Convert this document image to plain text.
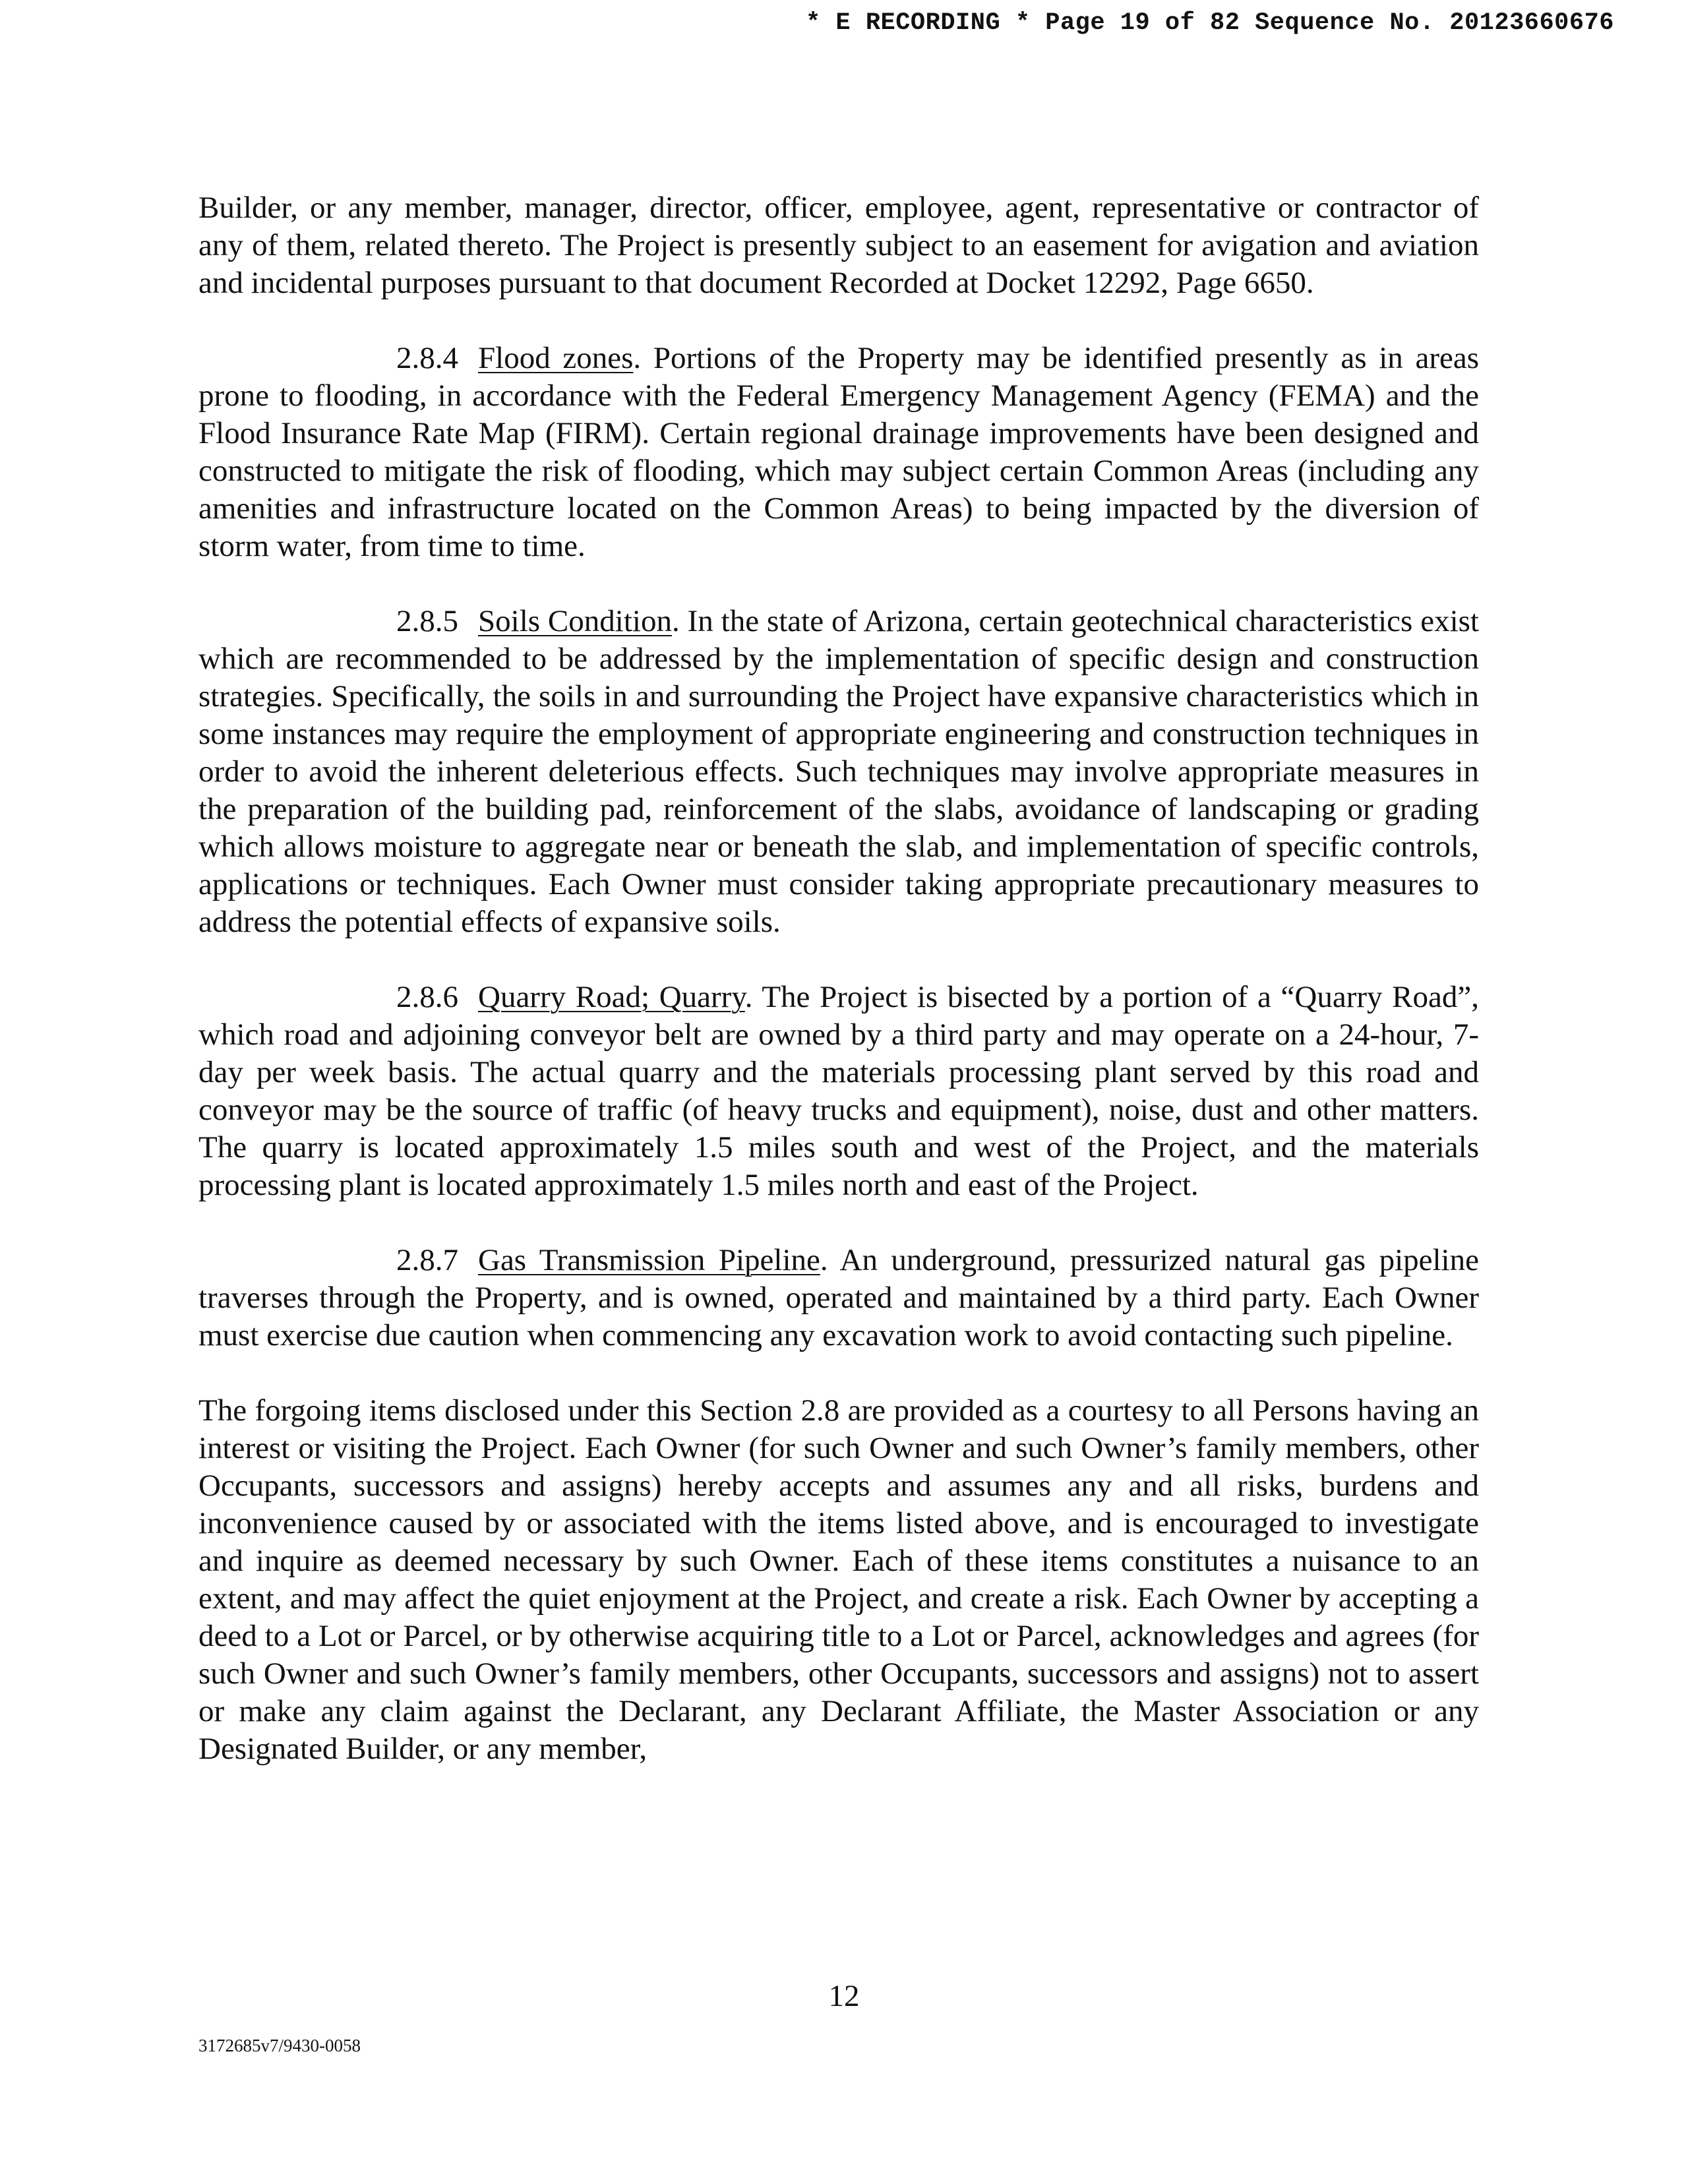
* E RECORDING * Page 19 of 82 Sequence No. 20123660676

Builder, or any member, manager, director, officer, employee, agent, representative or contractor of any of them, related thereto. The Project is presently subject to an easement for avigation and aviation and incidental purposes pursuant to that document Recorded at Docket 12292, Page 6650.

2.8.4 Flood zones. Portions of the Property may be identified presently as in areas prone to flooding, in accordance with the Federal Emergency Management Agency (FEMA) and the Flood Insurance Rate Map (FIRM). Certain regional drainage improvements have been designed and constructed to mitigate the risk of flooding, which may subject certain Common Areas (including any amenities and infrastructure located on the Common Areas) to being impacted by the diversion of storm water, from time to time.

2.8.5 Soils Condition. In the state of Arizona, certain geotechnical characteristics exist which are recommended to be addressed by the implementation of specific design and construction strategies. Specifically, the soils in and surrounding the Project have expansive characteristics which in some instances may require the employment of appropriate engineering and construction techniques in order to avoid the inherent deleterious effects. Such techniques may involve appropriate measures in the preparation of the building pad, reinforcement of the slabs, avoidance of landscaping or grading which allows moisture to aggregate near or beneath the slab, and implementation of specific controls, applications or techniques. Each Owner must consider taking appropriate precautionary measures to address the potential effects of expansive soils.

2.8.6 Quarry Road; Quarry. The Project is bisected by a portion of a “Quarry Road”, which road and adjoining conveyor belt are owned by a third party and may operate on a 24-hour, 7-day per week basis. The actual quarry and the materials processing plant served by this road and conveyor may be the source of traffic (of heavy trucks and equipment), noise, dust and other matters. The quarry is located approximately 1.5 miles south and west of the Project, and the materials processing plant is located approximately 1.5 miles north and east of the Project.

2.8.7 Gas Transmission Pipeline. An underground, pressurized natural gas pipeline traverses through the Property, and is owned, operated and maintained by a third party. Each Owner must exercise due caution when commencing any excavation work to avoid contacting such pipeline.

The forgoing items disclosed under this Section 2.8 are provided as a courtesy to all Persons having an interest or visiting the Project. Each Owner (for such Owner and such Owner’s family members, other Occupants, successors and assigns) hereby accepts and assumes any and all risks, burdens and inconvenience caused by or associated with the items listed above, and is encouraged to investigate and inquire as deemed necessary by such Owner. Each of these items constitutes a nuisance to an extent, and may affect the quiet enjoyment at the Project, and create a risk. Each Owner by accepting a deed to a Lot or Parcel, or by otherwise acquiring title to a Lot or Parcel, acknowledges and agrees (for such Owner and such Owner’s family members, other Occupants, successors and assigns) not to assert or make any claim against the Declarant, any Declarant Affiliate, the Master Association or any Designated Builder, or any member,

12
3172685v7/9430-0058
